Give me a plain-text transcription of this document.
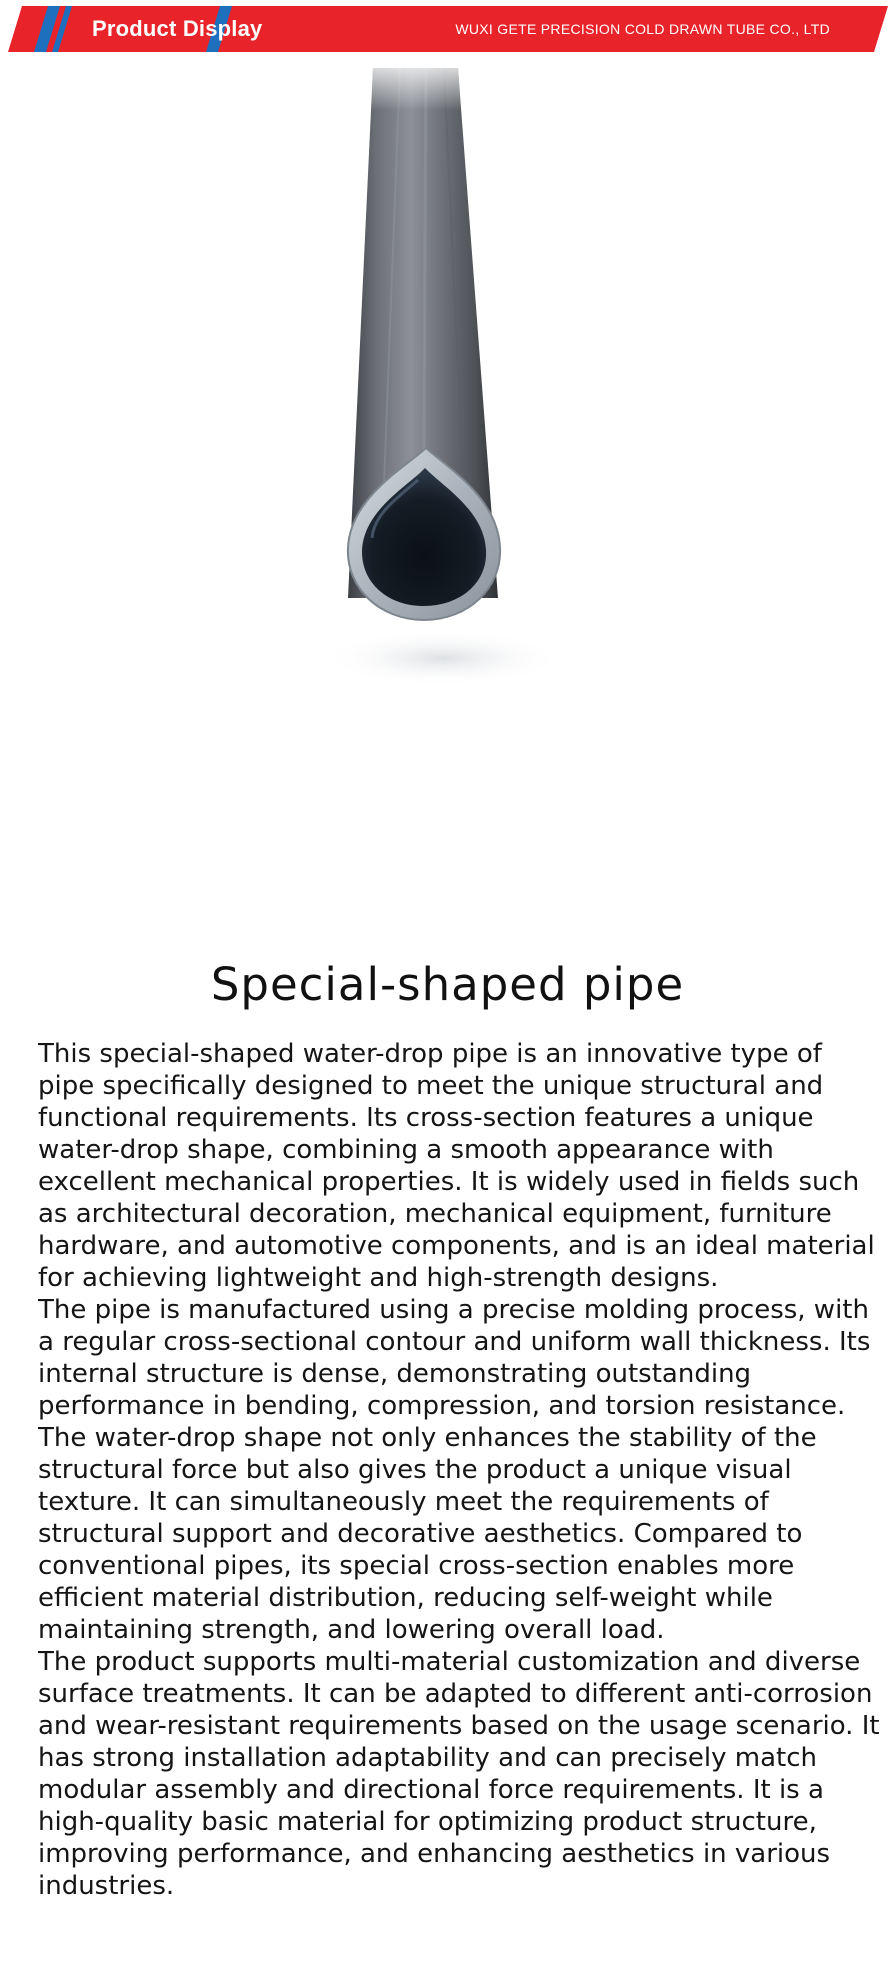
Product Display	WUXI GETE PRECISION COLD DRAWN TUBE CO., LTD
Special-shaped pipe

This special-shaped water-drop pipe is an innovative type of pipe specifically designed to meet the unique structural and functional requirements. Its cross-section features a unique water-drop shape, combining a smooth appearance with excellent mechanical properties. It is widely used in fields such as architectural decoration, mechanical equipment, furniture hardware, and automotive components, and is an ideal material for achieving lightweight and high-strength designs.

The pipe is manufactured using a precise molding process, with a regular cross-sectional contour and uniform wall thickness. Its internal structure is dense, demonstrating outstanding performance in bending, compression, and torsion resistance. The water-drop shape not only enhances the stability of the structural force but also gives the product a unique visual texture. It can simultaneously meet the requirements of structural support and decorative aesthetics. Compared to conventional pipes, its special cross-section enables more efficient material distribution, reducing self-weight while maintaining strength, and lowering overall load.

The product supports multi-material customization and diverse surface treatments. It can be adapted to different anti-corrosion and wear-resistant requirements based on the usage scenario. It has strong installation adaptability and can precisely match modular assembly and directional force requirements. It is a high-quality basic material for optimizing product structure, improving performance, and enhancing aesthetics in various industries.
